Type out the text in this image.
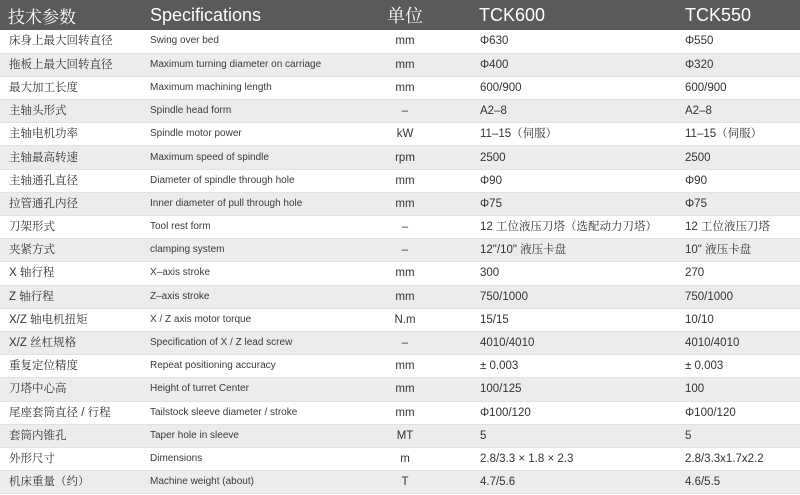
技术参数	Specifications	单位	TCK600	TCK550
床身上最大回转直径	Swing over bed	mm	Φ630	Φ550
拖板上最大回转直径	Maximum turning diameter on carriage	mm	Φ400	Φ320
最大加工长度	Maximum machining length	mm	600/900	600/900
主轴头形式	Spindle head form	–	A2–8	A2–8
主轴电机功率	Spindle motor power	kW	11–15（伺服）	11–15（伺服）
主轴最高转速	Maximum speed of spindle	rpm	2500	2500
主轴通孔直径	Diameter of spindle through hole	mm	Φ90	Φ90
拉管通孔内径	Inner diameter of pull through hole	mm	Φ75	Φ75
刀架形式	Tool rest form	–	12 工位液压刀塔（选配动力刀塔）	12 工位液压刀塔
夹紧方式	clamping system	–	12"/10" 液压卡盘	10" 液压卡盘
X 轴行程	X–axis stroke	mm	300	270
Z 轴行程	Z–axis stroke	mm	750/1000	750/1000
X/Z 轴电机扭矩	X / Z axis motor torque	N.m	15/15	10/10
X/Z 丝杠规格	Specification of X / Z lead screw	–	4010/4010	4010/4010
重复定位精度	Repeat positioning accuracy	mm	± 0.003	± 0.003
刀塔中心高	Height of turret Center	mm	100/125	100
尾座套筒直径 / 行程	Tailstock sleeve diameter / stroke	mm	Φ100/120	Φ100/120
套筒内锥孔	Taper hole in sleeve	MT	5	5
外形尺寸	Dimensions	m	2.8/3.3 × 1.8 × 2.3	2.8/3.3x1.7x2.2
机床重量（约）	Machine weight (about)	T	4.7/5.6	4.6/5.5
